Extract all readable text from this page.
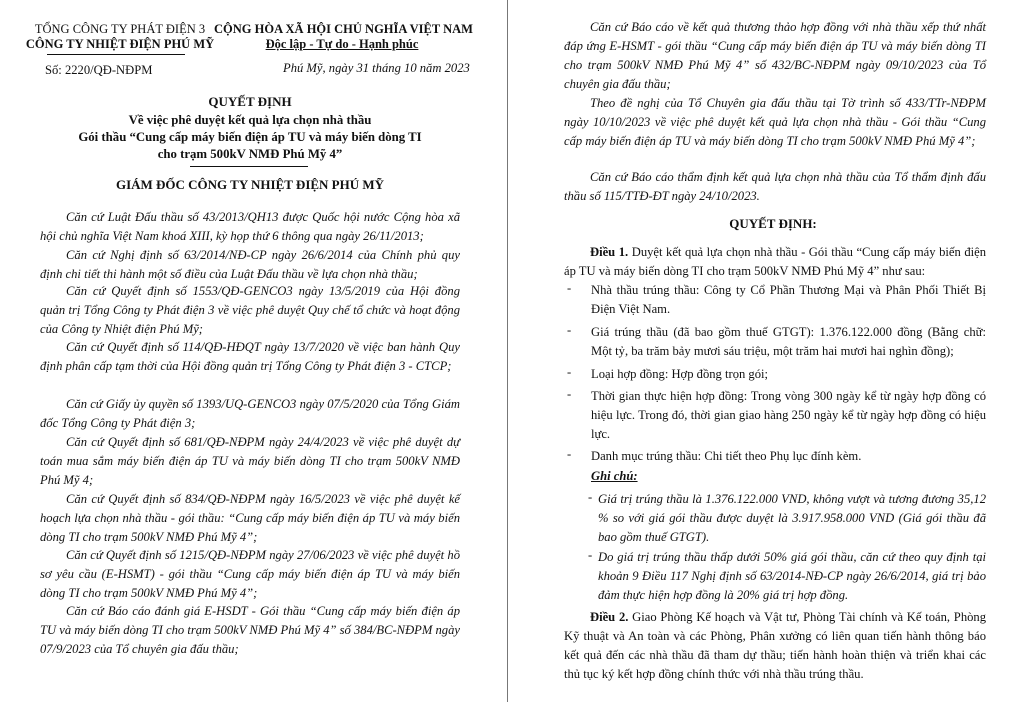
TỔNG CÔNG TY PHÁT ĐIỆN 3
CÔNG TY NHIỆT ĐIỆN PHÚ MỸ
CỘNG HÒA XÃ HỘI CHỦ NGHĨA VIỆT NAM
Độc lập - Tự do - Hạnh phúc
Số: 2220/QĐ-NĐPM	Phú Mỹ, ngày 31 tháng 10 năm 2023
QUYẾT ĐỊNH
Về việc phê duyệt kết quả lựa chọn nhà thầu
Gói thầu “Cung cấp máy biến điện áp TU và máy biến dòng TI
cho trạm 500kV NMĐ Phú Mỹ 4”
GIÁM ĐỐC CÔNG TY NHIỆT ĐIỆN PHÚ MỸ
Căn cứ Luật Đấu thầu số 43/2013/QH13 được Quốc hội nước Cộng hòa xã hội chủ nghĩa Việt Nam khoá XIII, kỳ họp thứ 6 thông qua ngày 26/11/2013;
Căn cứ Nghị định số 63/2014/NĐ-CP ngày 26/6/2014 của Chính phủ quy định chi tiết thi hành một số điều của Luật Đấu thầu về lựa chọn nhà thầu;
Căn cứ Quyết định số 1553/QĐ-GENCO3 ngày 13/5/2019 của Hội đồng quản trị Tổng Công ty Phát điện 3 về việc phê duyệt Quy chế tổ chức và hoạt động của Công ty Nhiệt điện Phú Mỹ;
Căn cứ Quyết định số 114/QĐ-HĐQT ngày 13/7/2020 về việc ban hành Quy định phân cấp tạm thời của Hội đồng quản trị Tổng Công ty Phát điện 3 - CTCP;
Căn cứ Giấy ủy quyền số 1393/UQ-GENCO3 ngày 07/5/2020 của Tổng Giám đốc Tổng Công ty Phát điện 3;
Căn cứ Quyết định số 681/QĐ-NĐPM ngày 24/4/2023 về việc phê duyệt dự toán mua sắm máy biến điện áp TU và máy biến dòng TI cho trạm 500kV NMĐ Phú Mỹ 4;
Căn cứ Quyết định số 834/QĐ-NĐPM ngày 16/5/2023 về việc phê duyệt kế hoạch lựa chọn nhà thầu - gói thầu: “Cung cấp máy biến điện áp TU và máy biến dòng TI cho trạm 500kV NMĐ Phú Mỹ 4”;
Căn cứ Quyết định số 1215/QĐ-NĐPM ngày 27/06/2023 về việc phê duyệt hồ sơ yêu cầu (E-HSMT) - gói thầu “Cung cấp máy biến điện áp TU và máy biến dòng TI cho trạm 500kV NMĐ Phú Mỹ 4”;
Căn cứ Báo cáo đánh giá E-HSDT - Gói thầu “Cung cấp máy biến điện áp TU và máy biến dòng TI cho trạm 500kV NMĐ Phú Mỹ 4” số 384/BC-NĐPM ngày 07/9/2023 của Tổ chuyên gia đấu thầu;
Căn cứ Báo cáo về kết quả thương thảo hợp đồng với nhà thầu xếp thứ nhất đáp ứng E-HSMT - gói thầu “Cung cấp máy biến điện áp TU và máy biến dòng TI cho trạm 500kV NMĐ Phú Mỹ 4” số 432/BC-NĐPM ngày 09/10/2023 của Tổ chuyên gia đấu thầu;
Theo đề nghị của Tổ Chuyên gia đấu thầu tại Tờ trình số 433/TTr-NĐPM ngày 10/10/2023 về việc phê duyệt kết quả lựa chọn nhà thầu - Gói thầu “Cung cấp máy biến điện áp TU và máy biến dòng TI cho trạm 500kV NMĐ Phú Mỹ 4”;
Căn cứ Báo cáo thẩm định kết quả lựa chọn nhà thầu của Tổ thẩm định đấu thầu số 115/TTĐ-ĐT ngày 24/10/2023.
QUYẾT ĐỊNH:
Điều 1. Duyệt kết quả lựa chọn nhà thầu - Gói thầu “Cung cấp máy biến điện áp TU và máy biến dòng TI cho trạm 500kV NMĐ Phú Mỹ 4” như sau:
- Nhà thầu trúng thầu: Công ty Cổ Phần Thương Mại và Phân Phối Thiết Bị Điện Việt Nam.
- Giá trúng thầu (đã bao gồm thuế GTGT): 1.376.122.000 đồng (Bằng chữ: Một tỷ, ba trăm bảy mươi sáu triệu, một trăm hai mươi hai nghìn đồng);
- Loại hợp đồng: Hợp đồng trọn gói;
- Thời gian thực hiện hợp đồng: Trong vòng 300 ngày kể từ ngày hợp đồng có hiệu lực. Trong đó, thời gian giao hàng 250 ngày kể từ ngày hợp đồng có hiệu lực.
- Danh mục trúng thầu: Chi tiết theo Phụ lục đính kèm.
Ghi chú:
- Giá trị trúng thầu là 1.376.122.000 VND, không vượt và tương đương 35,12 % so với giá gói thầu được duyệt là 3.917.958.000 VND (Giá gói thầu đã bao gồm thuế GTGT).
- Do giá trị trúng thầu thấp dưới 50% giá gói thầu, căn cứ theo quy định tại khoản 9 Điều 117 Nghị định số 63/2014-NĐ-CP ngày 26/6/2014, giá trị bảo đảm thực hiện hợp đồng là 20% giá trị hợp đồng.
Điều 2. Giao Phòng Kế hoạch và Vật tư, Phòng Tài chính và Kế toán, Phòng Kỹ thuật và An toàn và các Phòng, Phân xưởng có liên quan tiến hành thông báo kết quả đến các nhà thầu đã tham dự thầu; tiến hành hoàn thiện và triển khai các thủ tục ký kết hợp đồng chính thức với nhà thầu trúng thầu.
